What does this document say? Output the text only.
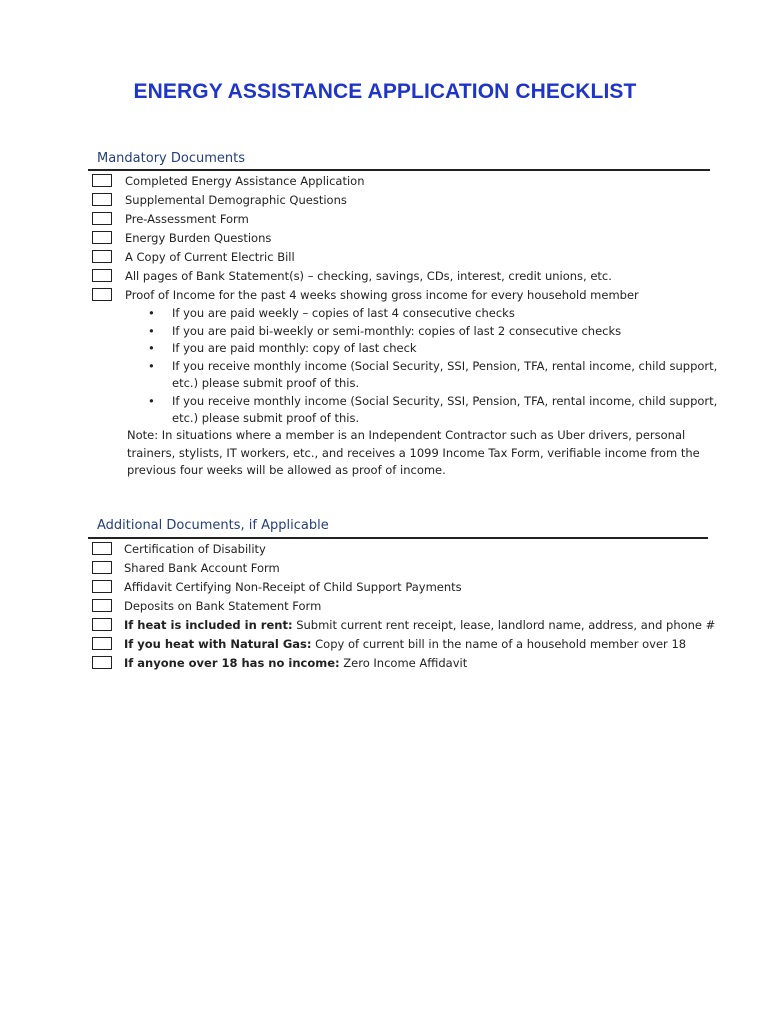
ENERGY ASSISTANCE APPLICATION CHECKLIST
Mandatory Documents
Completed Energy Assistance Application
Supplemental Demographic Questions
Pre-Assessment Form
Energy Burden Questions
A Copy of Current Electric Bill
All pages of Bank Statement(s) – checking, savings, CDs, interest, credit unions, etc.
Proof of Income for the past 4 weeks showing gross income for every household member
• If you are paid weekly – copies of last 4 consecutive checks
• If you are paid bi-weekly or semi-monthly: copies of last 2 consecutive checks
• If you are paid monthly: copy of last check
• If you receive monthly income (Social Security, SSI, Pension, TFA, rental income, child support,
etc.) please submit proof of this.
• If you receive monthly income (Social Security, SSI, Pension, TFA, rental income, child support,
etc.) please submit proof of this.
Note: In situations where a member is an Independent Contractor such as Uber drivers, personal
trainers, stylists, IT workers, etc., and receives a 1099 Income Tax Form, verifiable income from the
previous four weeks will be allowed as proof of income.
Additional Documents, if Applicable
Certification of Disability
Shared Bank Account Form
Affidavit Certifying Non-Receipt of Child Support Payments
Deposits on Bank Statement Form
If heat is included in rent: Submit current rent receipt, lease, landlord name, address, and phone #
If you heat with Natural Gas: Copy of current bill in the name of a household member over 18
If anyone over 18 has no income: Zero Income Affidavit
